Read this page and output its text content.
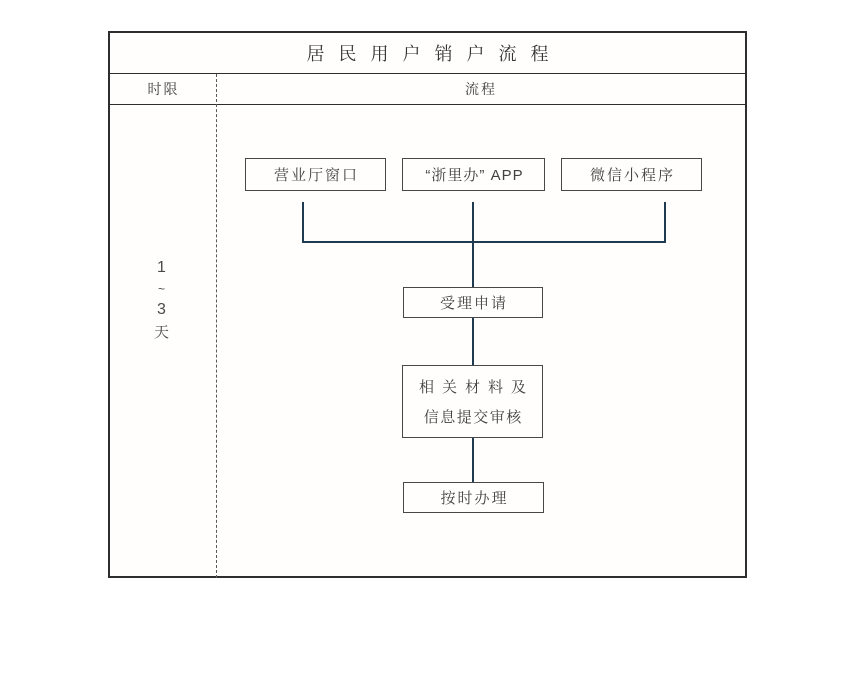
居民用户销户流程
时限	流程
1
~
3
天
营业厅窗口	“浙里办” APP	微信小程序
受理申请
相关材料及
信息提交审核
按时办理
